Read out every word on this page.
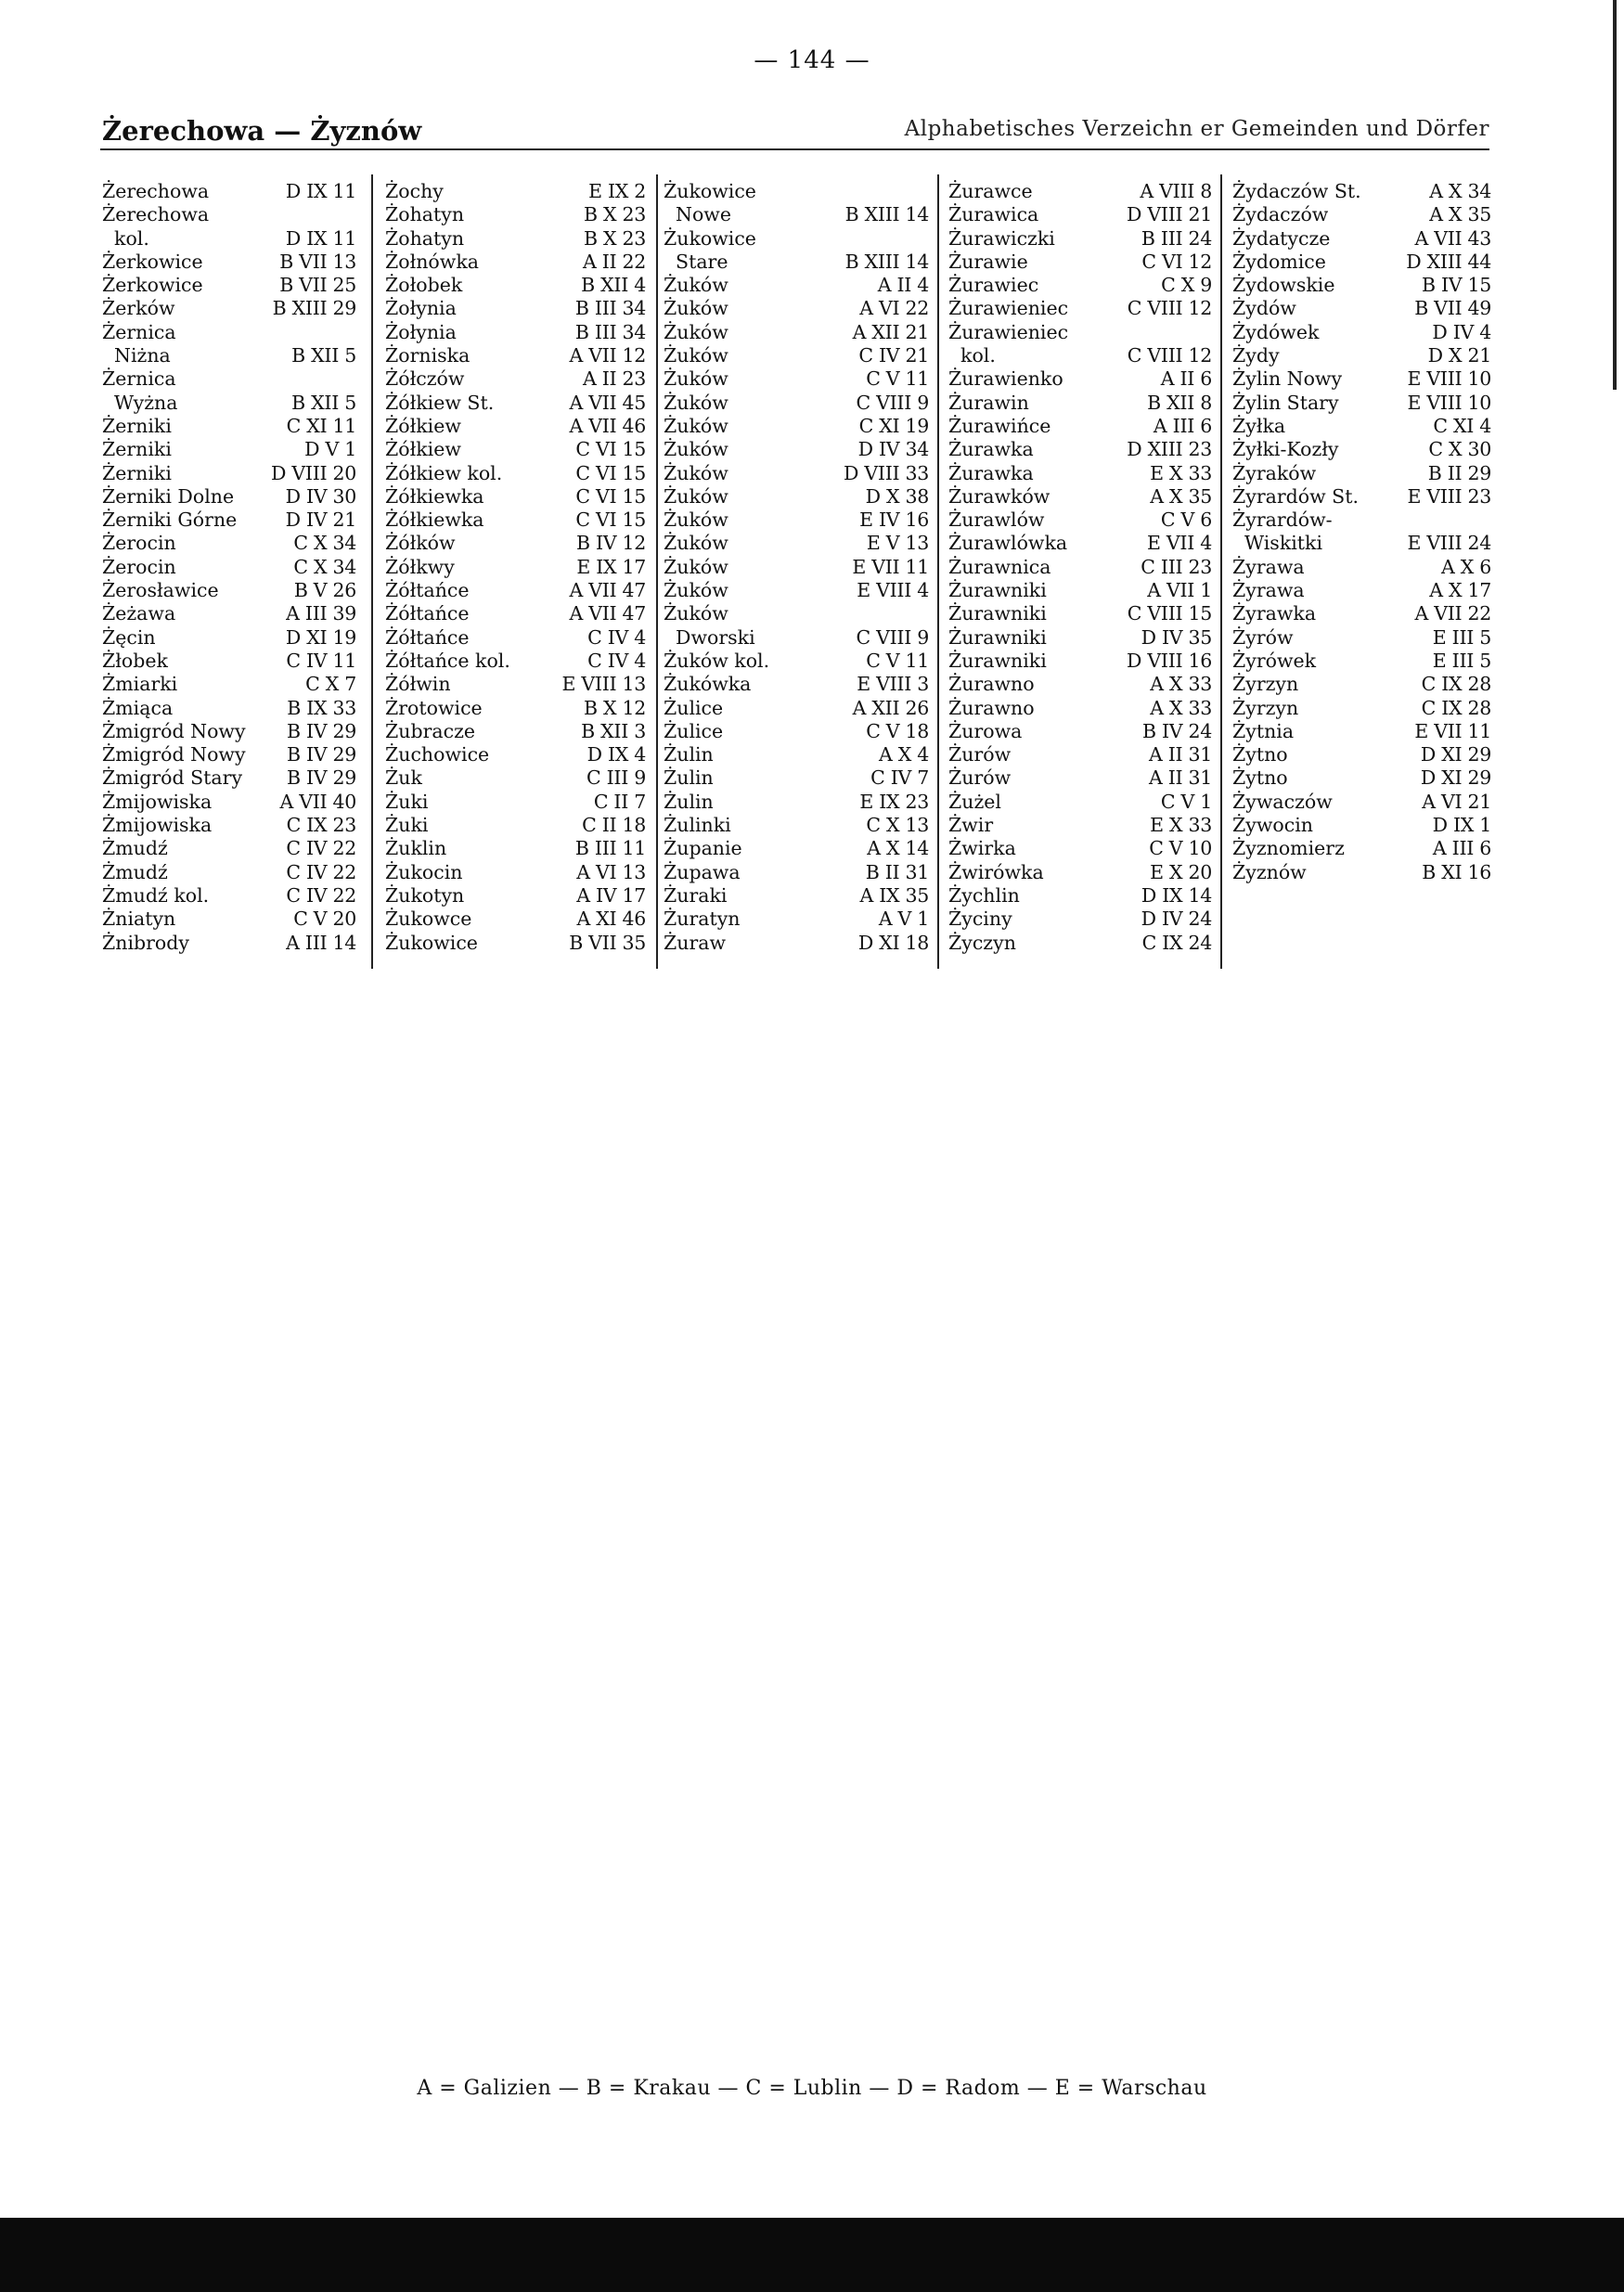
— 144 —
Żerechowa — Żyznów	Alphabetisches Verzeichn er Gemeinden und Dörfer
Żerechowa	D IX 11
Żerechowa
kol.	D IX 11
Żerkowice	B VII 13
Żerkowice	B VII 25
Żerków	B XIII 29
Żernica
Niżna	B XII 5
Żernica
Wyżna	B XII 5
Żerniki	C XI 11
Żerniki	D V 1
Żerniki	D VIII 20
Żerniki Dolne	D IV 30
Żerniki Górne	D IV 21
Żerocin	C X 34
Żerocin	C X 34
Żerosławice	B V 26
Żeżawa	A III 39
Żęcin	D XI 19
Żłobek	C IV 11
Żmiarki	C X 7
Żmiąca	B IX 33
Żmigród Nowy B IV 29
Żmigród Nowy B IV 29
Żmigród Stary B IV 29
Żmijowiska	A VII 40
Żmijowiska	C IX 23
Żmudź	C IV 22
Żmudź	C IV 22
Żmudź kol.	C IV 22
Żniatyn	C V 20
Żnibrody	A III 14
Żochy	E IX 2
Żohatyn	B X 23
Żohatyn	B X 23
Żołnówka	A II 22
Żołobek	B XII 4
Żołynia	B III 34
Żołynia	B III 34
Żorniska	A VII 12
Żółczów	A II 23
Żółkiew St.	A VII 45
Żółkiew	A VII 46
Żółkiew	C VI 15
Żółkiew kol.	C VI 15
Żółkiewka	C VI 15
Żółkiewka	C VI 15
Żółków	B IV 12
Żółkwy	E IX 17
Żółtańce	A VII 47
Żółtańce	A VII 47
Żółtańce	C IV 4
Żółtańce kol.	C IV 4
Żółwin	E VIII 13
Żrotowice	B X 12
Żubracze	B XII 3
Żuchowice	D IX 4
Żuk	C III 9
Żuki	C II 7
Żuki	C II 18
Żuklin	B III 11
Żukocin	A VI 13
Żukotyn	A IV 17
Żukowce	A XI 46
Żukowice	B VII 35
Żukowice
Nowe	B XIII 14
Żukowice
Stare	B XIII 14
Żuków	A II 4
Żuków	A VI 22
Żuków	A XII 21
Żuków	C IV 21
Żuków	C V 11
Żuków	C VIII 9
Żuków	C XI 19
Żuków	D IV 34
Żuków	D VIII 33
Żuków	D X 38
Żuków	E IV 16
Żuków	E V 13
Żuków	E VII 11
Żuków	E VIII 4
Żuków
Dworski	C VIII 9
Żuków kol.	C V 11
Żukówka	E VIII 3
Żulice	A XII 26
Żulice	C V 18
Żulin	A X 4
Żulin	C IV 7
Żulin	E IX 23
Żulinki	C X 13
Żupanie	A X 14
Żupawa	B II 31
Żuraki	A IX 35
Żuratyn	A V 1
Żuraw	D XI 18
Żurawce	A VIII 8
Żurawica	D VIII 21
Żurawiczki	B III 24
Żurawie	C VI 12
Żurawiec	C X 9
Żurawieniec	C VIII 12
Żurawieniec
kol.	C VIII 12
Żurawienko	A II 6
Żurawin	B XII 8
Żurawińce	A III 6
Żurawka	D XIII 23
Żurawka	E X 33
Żurawków	A X 35
Żurawlów	C V 6
Żurawlówka	E VII 4
Żurawnica	C III 23
Żurawniki	A VII 1
Żurawniki	C VIII 15
Żurawniki	D IV 35
Żurawniki	D VIII 16
Żurawno	A X 33
Żurawno	A X 33
Żurowa	B IV 24
Żurów	A II 31
Żurów	A II 31
Żużel	C V 1
Żwir	E X 33
Żwirka	C V 10
Żwirówka	E X 20
Żychlin	D IX 14
Życiny	D IV 24
Życzyn	C IX 24
Żydaczów St.	A X 34
Żydaczów	A X 35
Żydatycze	A VII 43
Żydomice	D XIII 44
Żydowskie	B IV 15
Żydów	B VII 49
Żydówek	D IV 4
Żydy	D X 21
Żylin Nowy	E VIII 10
Żylin Stary	E VIII 10
Żyłka	C XI 4
Żyłki-Kozły	C X 30
Żyraków	B II 29
Żyrardów St.	E VIII 23
Żyrardów-
Wiskitki	E VIII 24
Żyrawa	A X 6
Żyrawa	A X 17
Żyrawka	A VII 22
Żyrów	E III 5
Żyrówek	E III 5
Żyrzyn	C IX 28
Żyrzyn	C IX 28
Żytnia	E VII 11
Żytno	D XI 29
Żytno	D XI 29
Żywaczów	A VI 21
Żywocin	D IX 1
Żyznomierz	A III 6
Żyznów	B XI 16
A = Galizien — B = Krakau — C = Lublin — D = Radom — E = Warschau
